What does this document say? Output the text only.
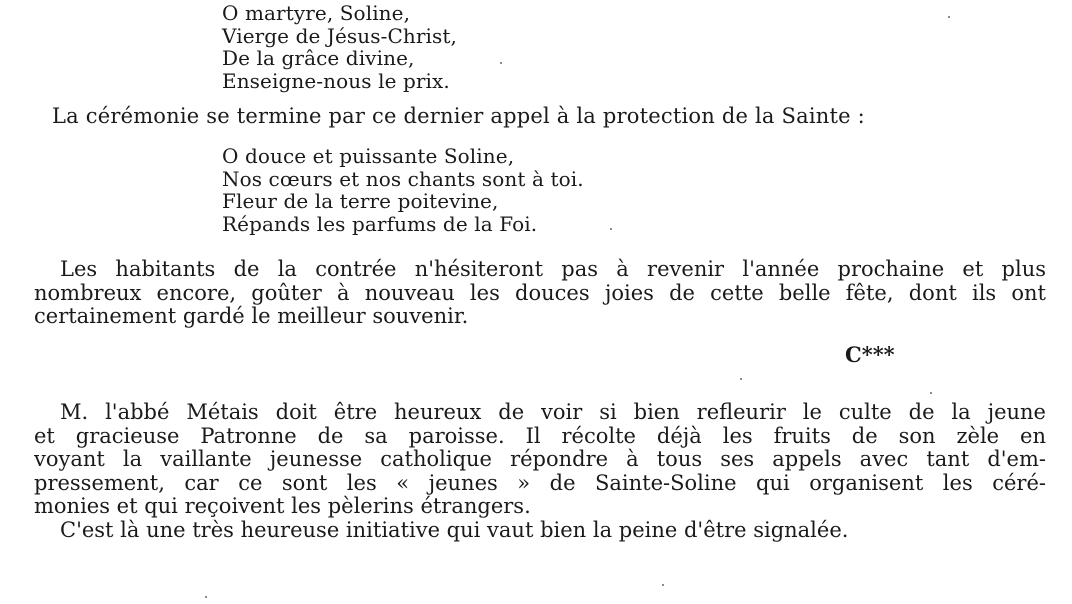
O martyre, Soline,
Vierge de Jésus-Christ,
De la grâce divine,
Enseigne-nous le prix.
La cérémonie se termine par ce dernier appel à la protection de la Sainte :
O douce et puissante Soline,
Nos cœurs et nos chants sont à toi.
Fleur de la terre poitevine,
Répands les parfums de la Foi.
Les habitants de la contrée n'hésiteront pas à revenir l'année prochaine et plus
nombreux encore, goûter à nouveau les douces joies de cette belle fête, dont ils ont
certainement gardé le meilleur souvenir.
C***
M. l'abbé Métais doit être heureux de voir si bien refleurir le culte de la jeune
et gracieuse Patronne de sa paroisse. Il récolte déjà les fruits de son zèle en
voyant la vaillante jeunesse catholique répondre à tous ses appels avec tant d'em-
pressement, car ce sont les « jeunes » de Sainte-Soline qui organisent les céré-
monies et qui reçoivent les pèlerins étrangers.
C'est là une très heureuse initiative qui vaut bien la peine d'être signalée.
